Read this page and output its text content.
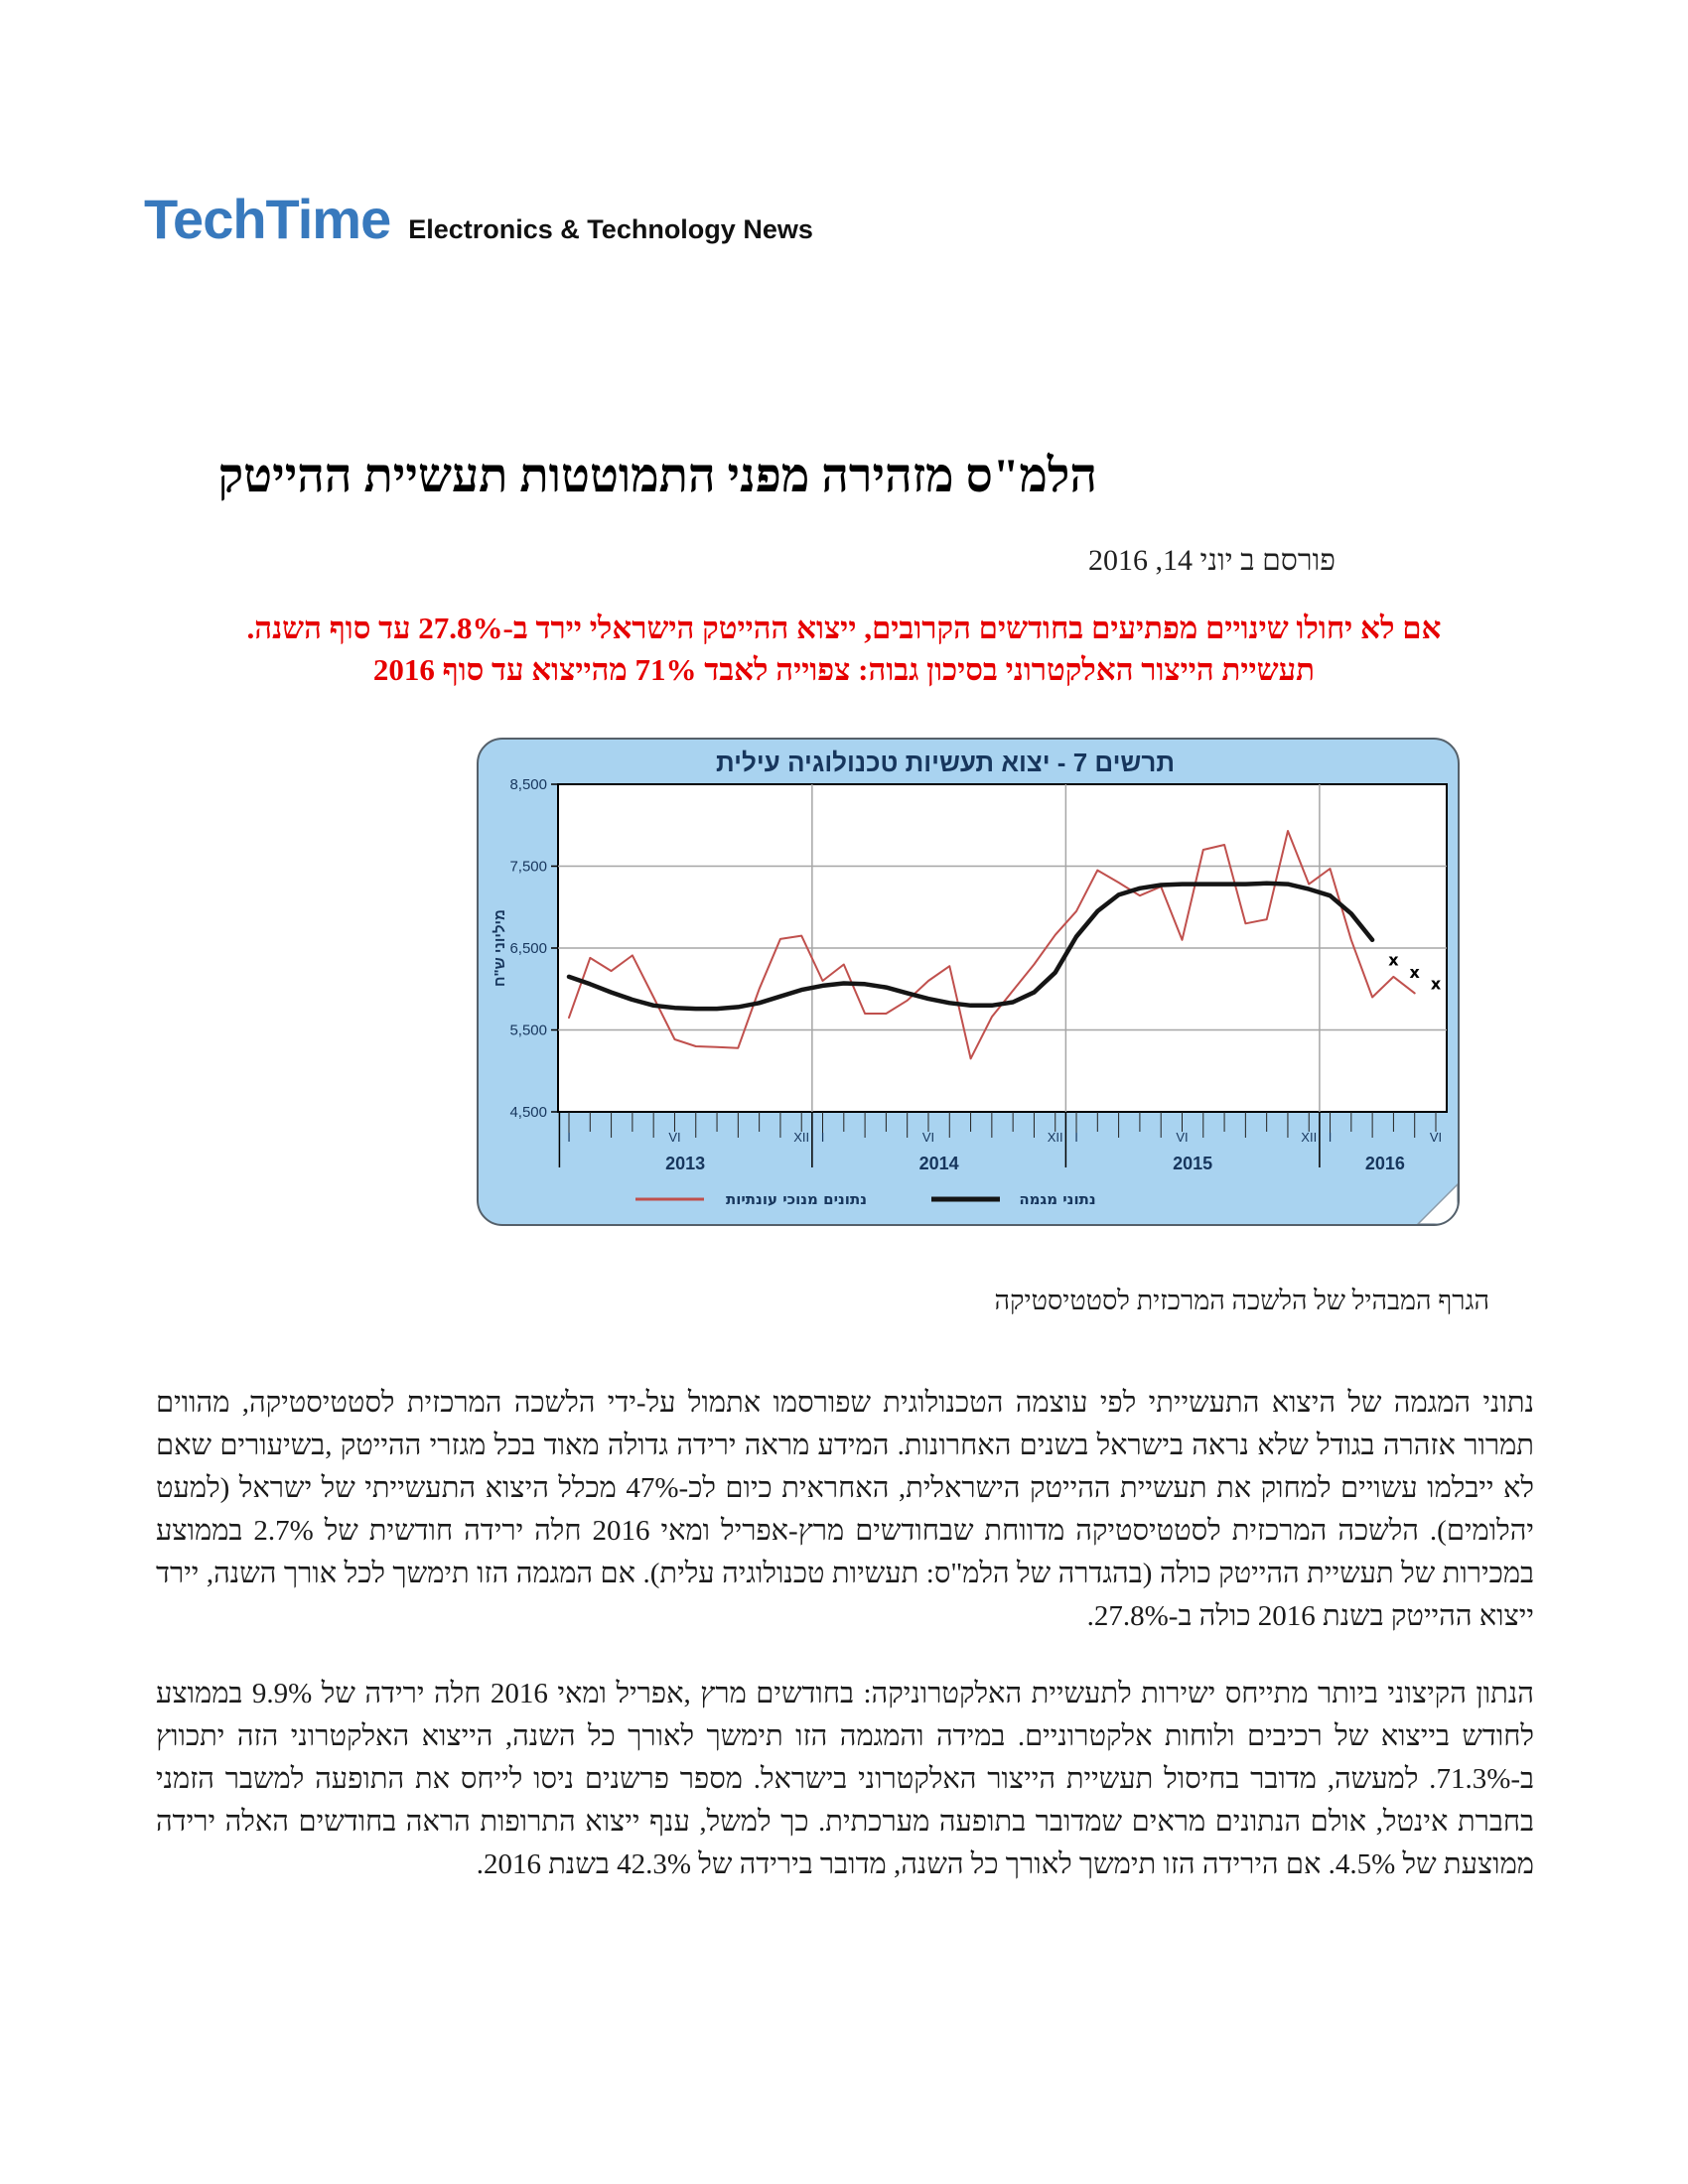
TechTime Electronics & Technology News
הלמ"ס מזהירה מפני התמוטטות תעשיית ההייטק
פורסם ב יוני 14, 2016
אם לא יחולו שינויים מפתיעים בחודשים הקרובים, ייצוא ההייטק הישראלי יירד ב-27.8% עד סוף השנה.
תעשיית הייצור האלקטרוני בסיכון גבוה: צפוייה לאבד 71% מהייצוא עד סוף 2016
תרשים 7 - יצוא תעשיות טכנולוגיה עילית
8,500
7,500
6,500
5,500
4,500
מיליוני ש"ח
I	VI	XII I	VI	XII I	VI	XII I	VI
2013	2014	2015	2016
x
x
x
נתונים מנוכי עונתיות	נתוני מגמה
הגרף המבהיל של הלשכה המרכזית לסטטיסטיקה

נתוני המגמה של היצוא התעשייתי לפי עוצמה הטכנולוגית שפורסמו אתמול על-ידי הלשכה המרכזית לסטטיסטיקה, מהווים תמרור אזהרה בגודל שלא נראה בישראל בשנים האחרונות. המידע מראה ירידה גדולה מאוד בכל מגזרי ההייטק ,בשיעורים שאם לא ייבלמו עשויים למחוק את תעשיית ההייטק הישראלית, האחראית כיום לכ-47% מכלל היצוא התעשייתי של ישראל (למעט יהלומים). הלשכה המרכזית לסטטיסטיקה מדווחת שבחודשים מרץ-אפריל ומאי 2016 חלה ירידה חודשית של 2.7% בממוצע במכירות של תעשיית ההייטק כולה (בהגדרה של הלמ"ס: תעשיות טכנולוגיה עלית). אם המגמה הזו תימשך לכל אורך השנה, יירד ייצוא ההייטק בשנת 2016 כולה ב-27.8%.

הנתון הקיצוני ביותר מתייחס ישירות לתעשיית האלקטרוניקה: בחודשים מרץ ,אפריל ומאי 2016 חלה ירידה של 9.9% בממוצע לחודש בייצוא של רכיבים ולוחות אלקטרוניים. במידה והמגמה הזו תימשך לאורך כל השנה, הייצוא האלקטרוני הזה יתכווץ ב-71.3%. למעשה, מדובר בחיסול תעשיית הייצור האלקטרוני בישראל. מספר פרשנים ניסו לייחס את התופעה למשבר הזמני בחברת אינטל, אולם הנתונים מראים שמדובר בתופעה מערכתית. כך למשל, ענף ייצוא התרופות הראה בחודשים האלה ירידה ממוצעת של 4.5%. אם הירידה הזו תימשך לאורך כל השנה, מדובר בירידה של 42.3% בשנת 2016.
